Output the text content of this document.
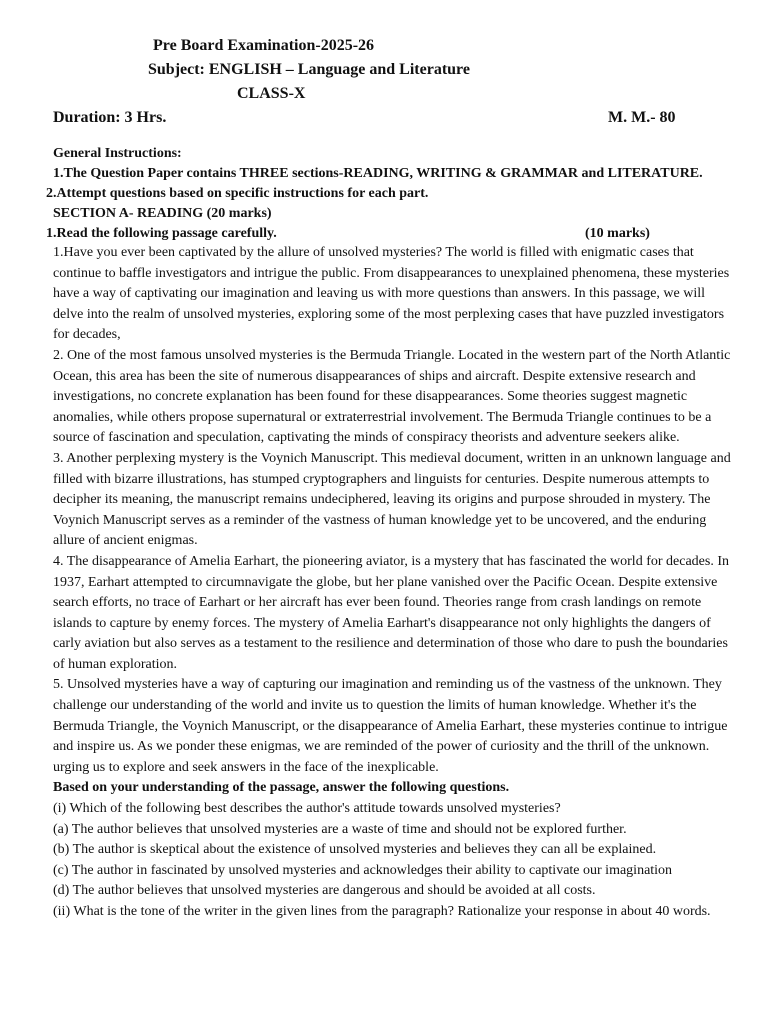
Pre Board Examination-2025-26
Subject: ENGLISH – Language and Literature
CLASS-X
Duration: 3 Hrs.	M. M.- 80
General Instructions:
1.The Question Paper contains THREE sections-READING, WRITING & GRAMMAR and LITERATURE.
2.Attempt questions based on specific instructions for each part.
SECTION A- READING (20 marks)
1.Read the following passage carefully.	(10 marks)

1.Have you ever been captivated by the allure of unsolved mysteries? The world is filled with enigmatic cases that continue to baffle investigators and intrigue the public. From disappearances to unexplained phenomena, these mysteries have a way of captivating our imagination and leaving us with more questions than answers. In this passage, we will delve into the realm of unsolved mysteries, exploring some of the most perplexing cases that have puzzled investigators for decades,

2. One of the most famous unsolved mysteries is the Bermuda Triangle. Located in the western part of the North Atlantic Ocean, this area has been the site of numerous disappearances of ships and aircraft. Despite extensive research and investigations, no concrete explanation has been found for these disappearances. Some theories suggest magnetic anomalies, while others propose supernatural or extraterrestrial involvement. The Bermuda Triangle continues to be a source of fascination and speculation, captivating the minds of conspiracy theorists and adventure seekers alike.

3. Another perplexing mystery is the Voynich Manuscript. This medieval document, written in an unknown language and filled with bizarre illustrations, has stumped cryptographers and linguists for centuries. Despite numerous attempts to decipher its meaning, the manuscript remains undeciphered, leaving its origins and purpose shrouded in mystery. The Voynich Manuscript serves as a reminder of the vastness of human knowledge yet to be uncovered, and the enduring allure of ancient enigmas.

4. The disappearance of Amelia Earhart, the pioneering aviator, is a mystery that has fascinated the world for decades. In 1937, Earhart attempted to circumnavigate the globe, but her plane vanished over the Pacific Ocean. Despite extensive search efforts, no trace of Earhart or her aircraft has ever been found. Theories range from crash landings on remote islands to capture by enemy forces. The mystery of Amelia Earhart's disappearance not only highlights the dangers of carly aviation but also serves as a testament to the resilience and determination of those who dare to push the boundaries of human exploration.

5. Unsolved mysteries have a way of capturing our imagination and reminding us of the vastness of the unknown. They challenge our understanding of the world and invite us to question the limits of human knowledge. Whether it's the Bermuda Triangle, the Voynich Manuscript, or the disappearance of Amelia Earhart, these mysteries continue to intrigue and inspire us. As we ponder these enigmas, we are reminded of the power of curiosity and the thrill of the unknown. urging us to explore and seek answers in the face of the inexplicable.

Based on your understanding of the passage, answer the following questions.

(i) Which of the following best describes the author's attitude towards unsolved mysteries?

(a) The author believes that unsolved mysteries are a waste of time and should not be explored further.

(b) The author is skeptical about the existence of unsolved mysteries and believes they can all be explained.

(c) The author in fascinated by unsolved mysteries and acknowledges their ability to captivate our imagination

(d) The author believes that unsolved mysteries are dangerous and should be avoided at all costs.

(ii) What is the tone of the writer in the given lines from the paragraph? Rationalize your response in about 40 words.
